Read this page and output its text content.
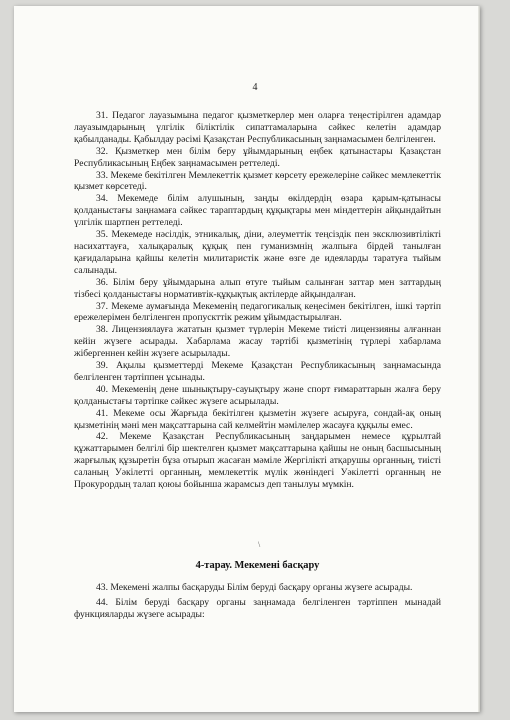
4

31. Педагог лауазымына педагог қызметкерлер мен оларға теңестірілген адамдар лауазымдарының үлгілік біліктілік сипаттамаларына сәйкес келетін адамдар қабылданады. Қабылдау рәсімі Қазақстан Республикасының заңнамасымен белгіленген.

32. Қызметкер мен білім беру ұйымдарының еңбек қатынастары Қазақстан Республикасының Еңбек заңнамасымен реттеледі.

33. Мекеме бекітілген Мемлекеттік қызмет көрсету ережелеріне сәйкес мемлекеттік қызмет көрсетеді.

34. Мекемеде білім алушының, заңды өкілдердің өзара қарым-қатынасы қолданыстағы заңнамаға сәйкес тараптардың құқықтары мен міндеттерін айқындайтын үлгілік шартпен реттеледі.

35. Мекемеде нәсілдік, этникалық, діни, әлеуметтік теңсіздік пен эксклюзивтілікті насихаттауға, халықаралық құқық пен гуманизмнің жалпыға бірдей танылған қағидаларына қайшы келетін милитаристік және өзге де идеяларды таратуға тыйым салынады.

36. Білім беру ұйымдарына алып өтуге тыйым салынған заттар мен заттардың тізбесі қолданыстағы нормативтік-құқықтық актілерде айқындалған.

37. Мекеме аумағында Мекеменің педагогикалық кеңесімен бекітілген, ішкі тәртіп ережелерімен белгіленген пропускттік режим ұйымдастырылған.

38. Лицензиялауға жататын қызмет түрлерін Мекеме тиісті лицензияны алғаннан кейін жүзеге асырады. Хабарлама жасау тәртібі қызметінің түрлері хабарлама жібергеннен кейін жүзеге асырылады.

39. Ақылы қызметтерді Мекеме Қазақстан Республикасының заңнамасында белгіленген тәртіппен ұсынады.

40. Мекеменің дене шынықтыру-сауықтыру және спорт ғимараттарын жалға беру қолданыстағы тәртіпке сәйкес жүзеге асырылады.

41. Мекеме осы Жарғыда бекітілген қызметін жүзеге асыруға, сондай-ақ оның қызметінің мәні мен мақсаттарына сай келмейтін мәмілелер жасауға құқылы емес.

42. Мекеме Қазақстан Республикасының заңдарымен немесе құрылтай құжаттарымен белгілі бір шектелген қызмет мақсаттарына қайшы не оның басшысының жарғылық құзыретін бұза отырып жасаған мәміле Жергілікті атқарушы органның, тиісті саланың Уәкілетті органның, мемлекеттік мүлік жөніндегі Уәкілетті органның не Прокурордың талап қоюы бойынша жарамсыз деп танылуы мүмкін.

\
4-тарау. Мекемені басқару

43. Мекемені жалпы басқаруды Білім беруді басқару органы жүзеге асырады.

44. Білім беруді басқару органы заңнамада белгіленген тәртіппен мынадай функцияларды жүзеге асырады:
